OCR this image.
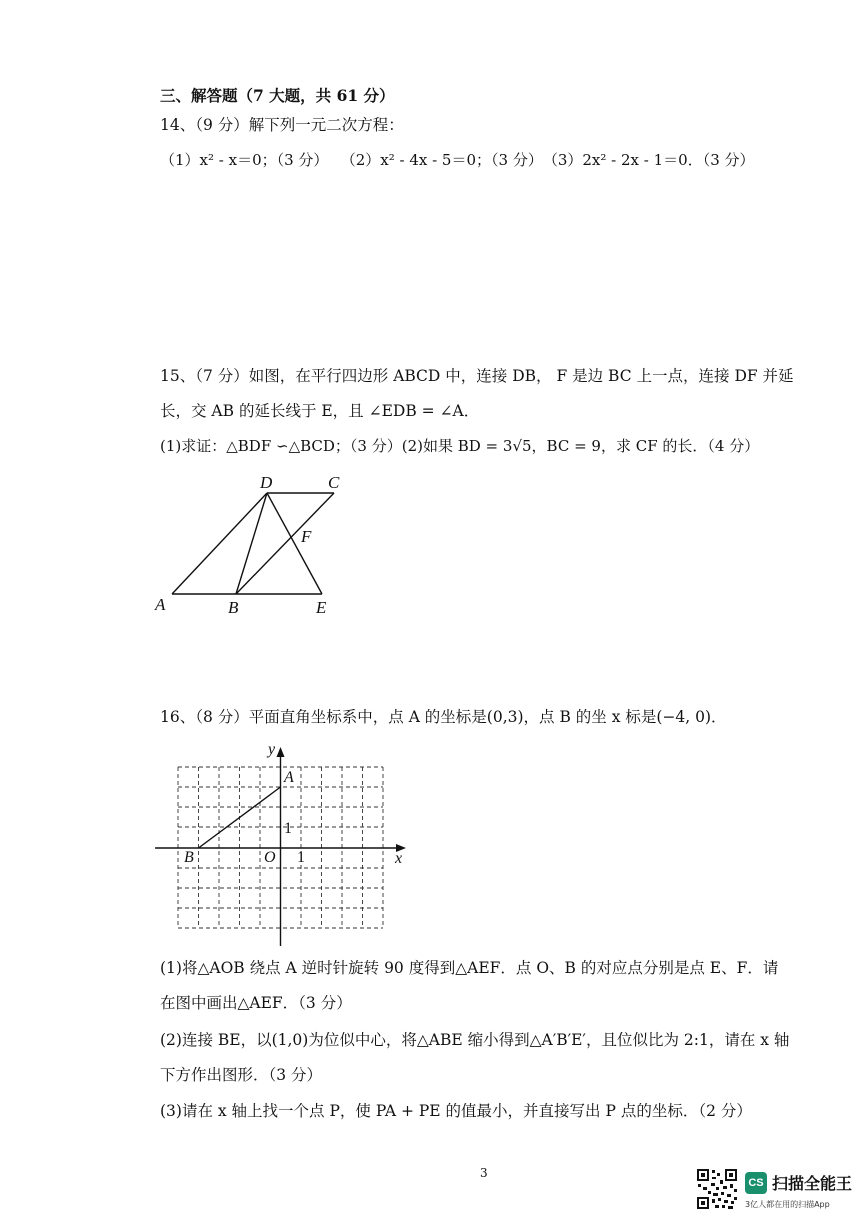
三、解答题（7 大题，共 61 分）
14、（9 分）解下列一元二次方程：
（1）x² - x＝0；（3 分）　 （2）x² - 4x - 5＝0；（3 分）　（3）2x² - 2x - 1＝0．（3 分）
15、（7 分）如图，在平行四边形 ABCD 中，连接 DB， F 是边 BC 上一点，连接 DF 并延
长，交 AB 的延长线于 E，且 ∠EDB = ∠A．
(1)求证：△BDF ∽△BCD；（3 分）(2)如果 BD = 3√5，BC = 9，求 CF 的长．（4 分）
D	C
F
A	B	E
16、（8 分）平面直角坐标系中，点 A 的坐标是(0,3)，点 B 的坐 x 标是(−4, 0)．
y
x
A
B	O 1
1
(1)将△AOB 绕点 A 逆时针旋转 90 度得到△AEF．点 O、B 的对应点分别是点 E、F．请
在图中画出△AEF．（3 分）
(2)连接 BE，以(1,0)为位似中心，将△ABE 缩小得到△A′B′E′，且位似比为 2:1，请在 x 轴
下方作出图形．（3 分）
(3)请在 x 轴上找一个点 P，使 PA + PE 的值最小，并直接写出 P 点的坐标．（2 分）
3
CS 扫描全能王
3亿人都在用的扫描App
